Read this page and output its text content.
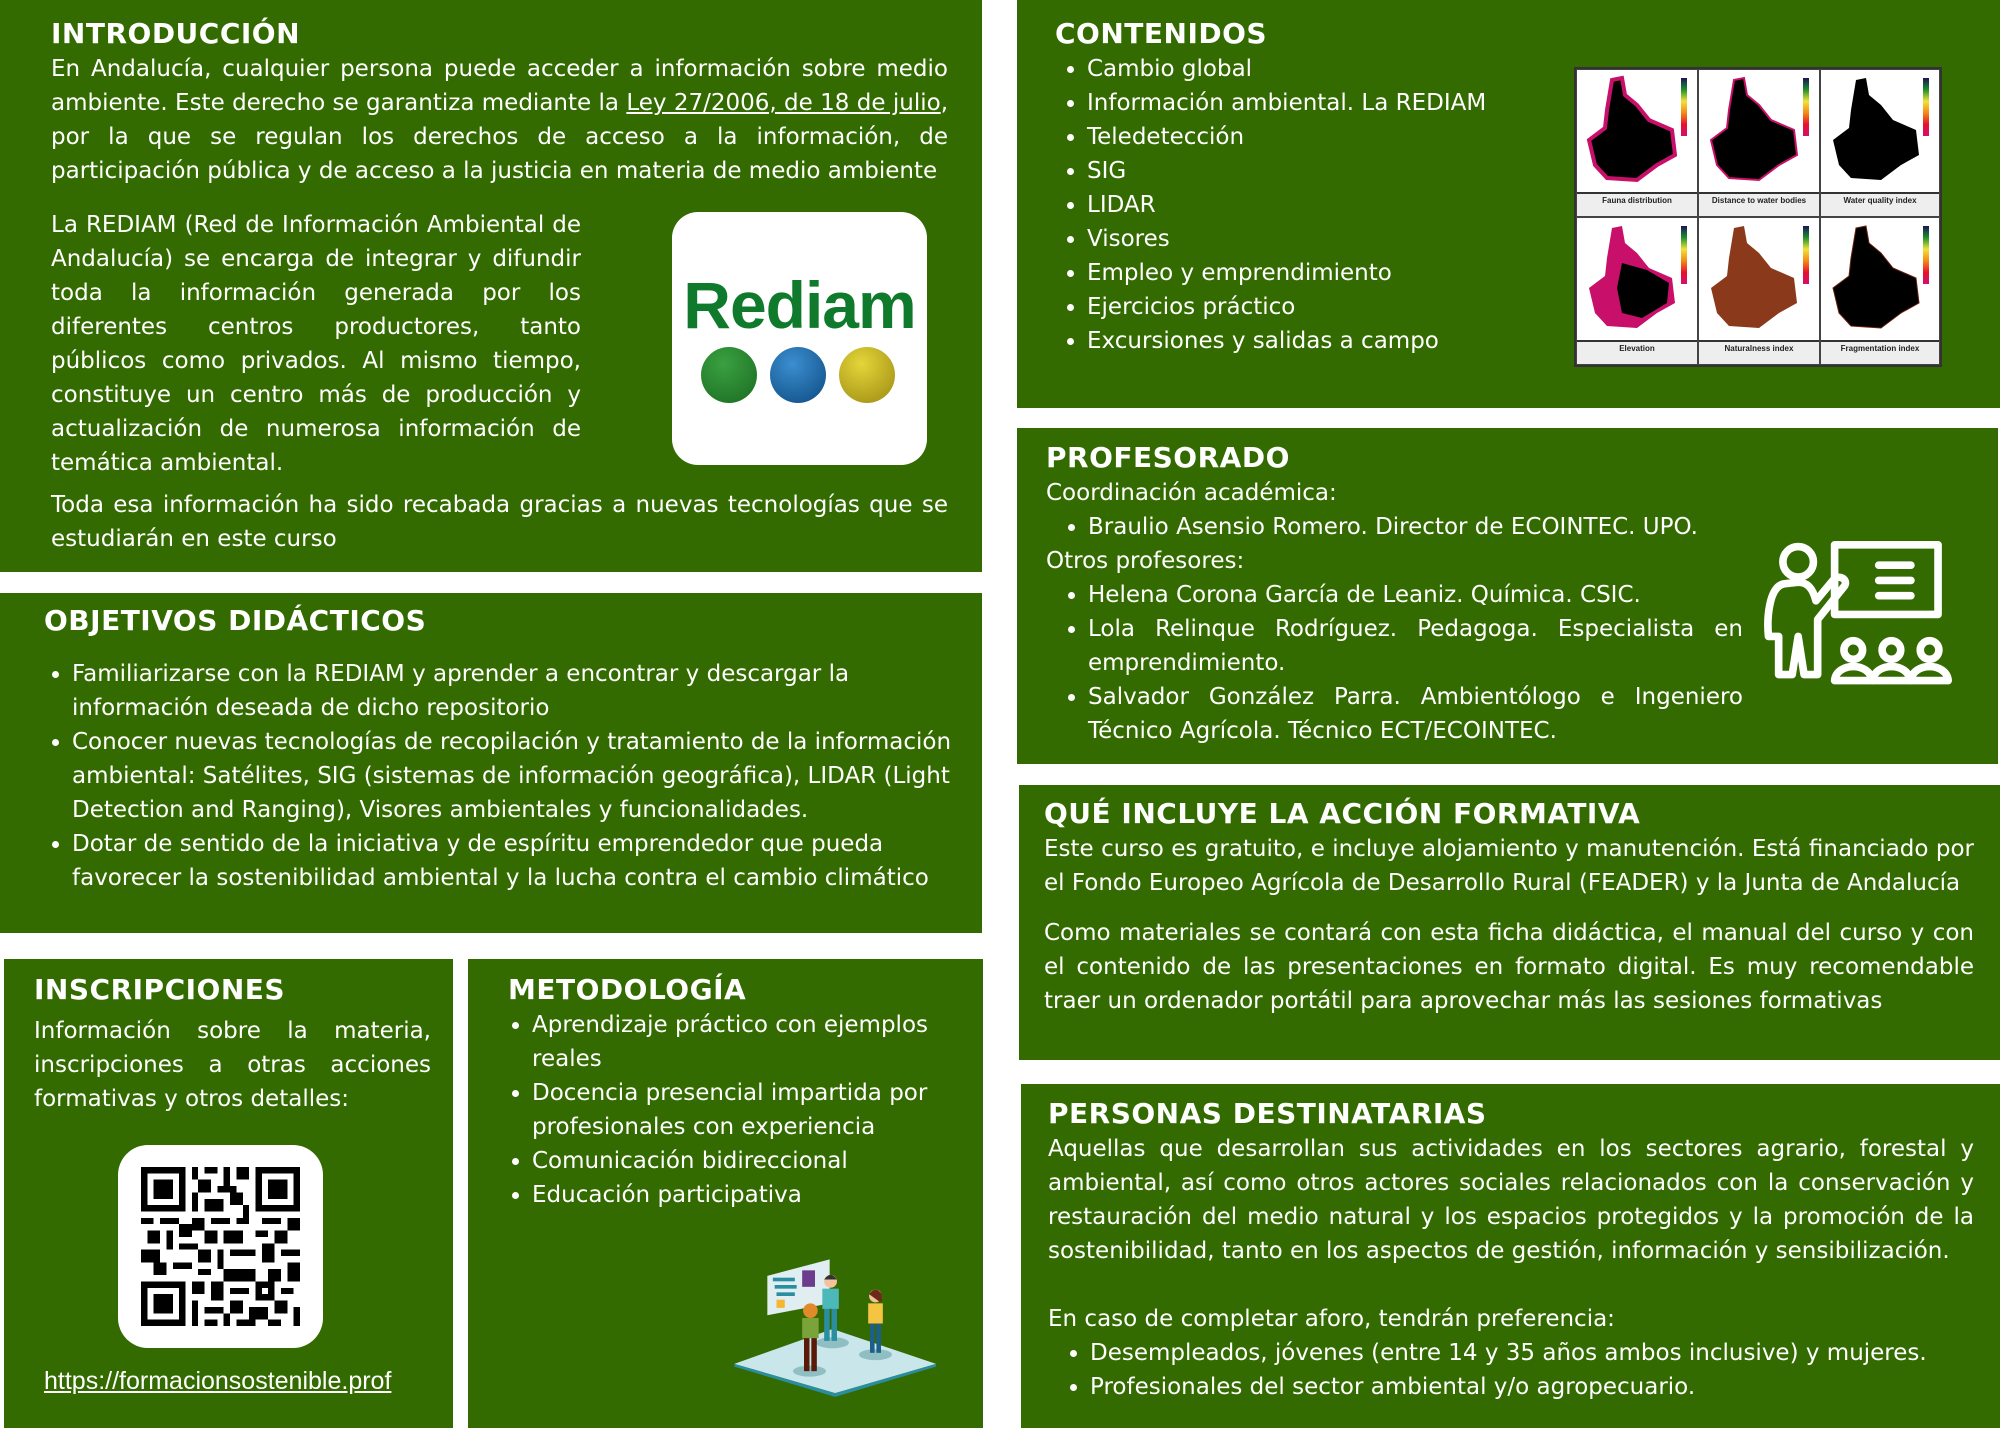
INTRODUCCIÓN

En Andalucía, cualquier persona puede acceder a información sobre medio ambiente. Este derecho se garantiza mediante la Ley 27/2006, de 18 de julio, por la que se regulan los derechos de acceso a la información, de participación pública y de acceso a la justicia en materia de medio ambiente

La REDIAM (Red de Información Ambiental de Andalucía) se encarga de integrar y difundir toda la información generada por los diferentes centros productores, tanto públicos como privados. Al mismo tiempo, constituye un centro más de producción y actualización de numerosa información de temática ambiental.

Rediam

Toda esa información ha sido recabada gracias a nuevas tecnologías que se estudiarán en este curso

OBJETIVOS DIDÁCTICOS
• Familiarizarse con la REDIAM y aprender a encontrar y descargar la información deseada de dicho repositorio
• Conocer nuevas tecnologías de recopilación y tratamiento de la información ambiental: Satélites, SIG (sistemas de información geográfica), LIDAR (Light Detection and Ranging), Visores ambientales y funcionalidades.
• Dotar de sentido de la iniciativa y de espíritu emprendedor que pueda favorecer la sostenibilidad ambiental y la lucha contra el cambio climático
INSCRIPCIONES

Información sobre la materia, inscripciones a otras acciones formativas y otros detalles:

https://formacionsostenible.prof
METODOLOGÍA
• Aprendizaje práctico con ejemplos reales
• Docencia presencial impartida por profesionales con experiencia
• Comunicación bidireccional
• Educación participativa
CONTENIDOS
• Cambio global
• Información ambiental. La REDIAM
• Teledetección
• SIG
• LIDAR
• Visores
• Empleo y emprendimiento
• Ejercicios práctico
• Excursiones y salidas a campo
Fauna distribution	Distance to water bodies	Water quality index
Elevation	Naturalness index	Fragmentation index
PROFESORADO

Coordinación académica:

• Braulio Asensio Romero. Director de ECOINTEC. UPO.

Otros profesores:

• Helena Corona García de Leaniz. Química. CSIC.
• Lola Relinque Rodríguez. Pedagoga. Especialista en emprendimiento.
• Salvador González Parra. Ambientólogo e Ingeniero Técnico Agrícola. Técnico ECT/ECOINTEC.
QUÉ INCLUYE LA ACCIÓN FORMATIVA

Este curso es gratuito, e incluye alojamiento y manutención. Está financiado por el Fondo Europeo Agrícola de Desarrollo Rural (FEADER) y la Junta de Andalucía

Como materiales se contará con esta ficha didáctica, el manual del curso y con el contenido de las presentaciones en formato digital. Es muy recomendable traer un ordenador portátil para aprovechar más las sesiones formativas

PERSONAS DESTINATARIAS

Aquellas que desarrollan sus actividades en los sectores agrario, forestal y ambiental, así como otros actores sociales relacionados con la conservación y restauración del medio natural y los espacios protegidos y la promoción de la sostenibilidad, tanto en los aspectos de gestión, información y sensibilización.

En caso de completar aforo, tendrán preferencia:

• Desempleados, jóvenes (entre 14 y 35 años ambos inclusive) y mujeres.
• Profesionales del sector ambiental y/o agropecuario.
